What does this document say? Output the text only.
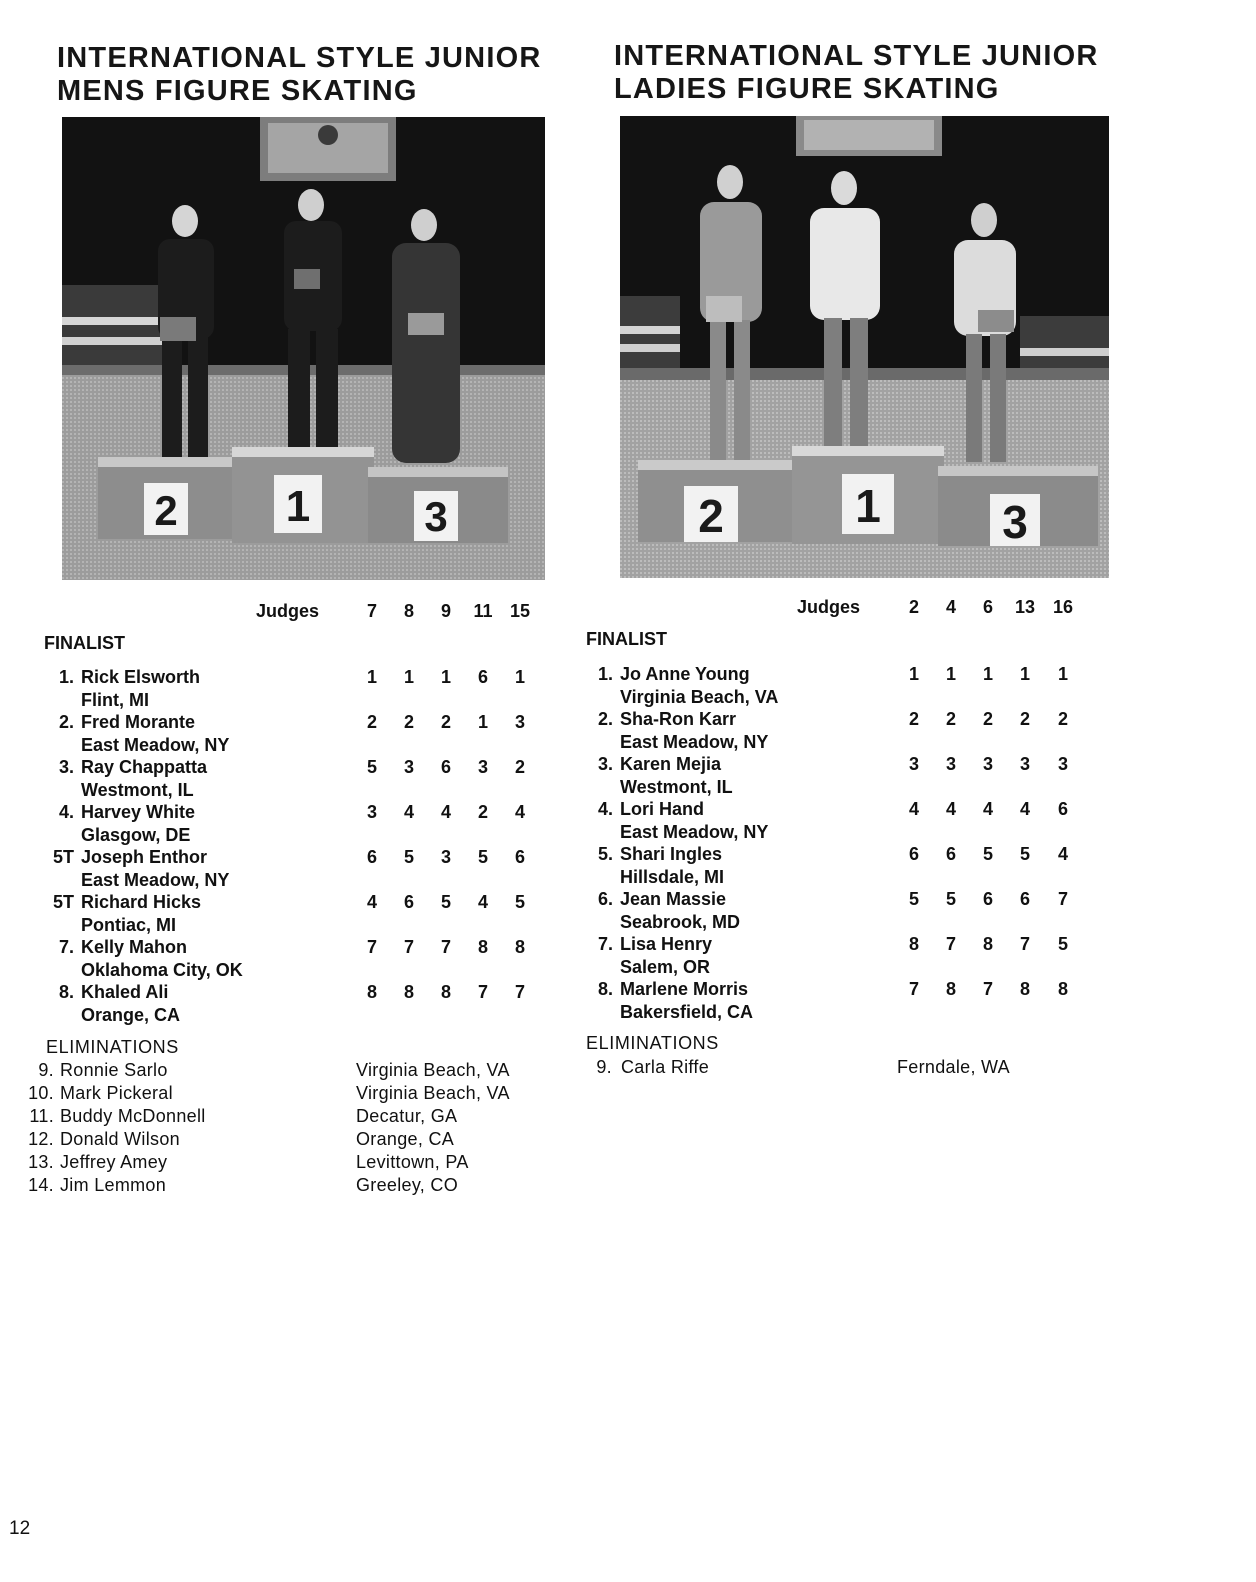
INTERNATIONAL STYLE JUNIOR
MENS FIGURE SKATING
2 1	3
Judges	7	8	9	11 15
FINALIST
1. Rick Elsworth
Flint, MI
1	1	1	6	1
2. Fred Morante
East Meadow, NY
2	2	2	1	3
3. Ray Chappatta
Westmont, IL
5	3	6	3	2
4. Harvey White
Glasgow, DE
3	4	4	2	4
5T Joseph Enthor
East Meadow, NY
6	5	3	5	6
5T Richard Hicks
Pontiac, MI
4	6	5	4	5
7. Kelly Mahon
Oklahoma City, OK
7	7	7	8	8
8. Khaled Ali
Orange, CA
8	8	8	7	7
ELIMINATIONS
9. Ronnie Sarlo	Virginia Beach, VA
10. Mark Pickeral	Virginia Beach, VA
11. Buddy McDonnell	Decatur, GA
12. Donald Wilson	Orange, CA
13. Jeffrey Amey	Levittown, PA
14. Jim Lemmon	Greeley, CO
INTERNATIONAL STYLE JUNIOR
LADIES FIGURE SKATING
2	1	3
Judges	2	4	6	13 16
FINALIST
1. Jo Anne Young
Virginia Beach, VA
1	1	1	1	1
2. Sha-Ron Karr
East Meadow, NY
2	2	2	2	2
3. Karen Mejia
Westmont, IL
3	3	3	3	3
4. Lori Hand
East Meadow, NY
4	4	4	4	6
5. Shari Ingles
Hillsdale, MI
6	6	5	5	4
6. Jean Massie
Seabrook, MD
5	5	6	6	7
7. Lisa Henry
Salem, OR
8	7	8	7	5
8. Marlene Morris
Bakersfield, CA
7	8	7	8	8
ELIMINATIONS
9. Carla Riffe	Ferndale, WA
12
